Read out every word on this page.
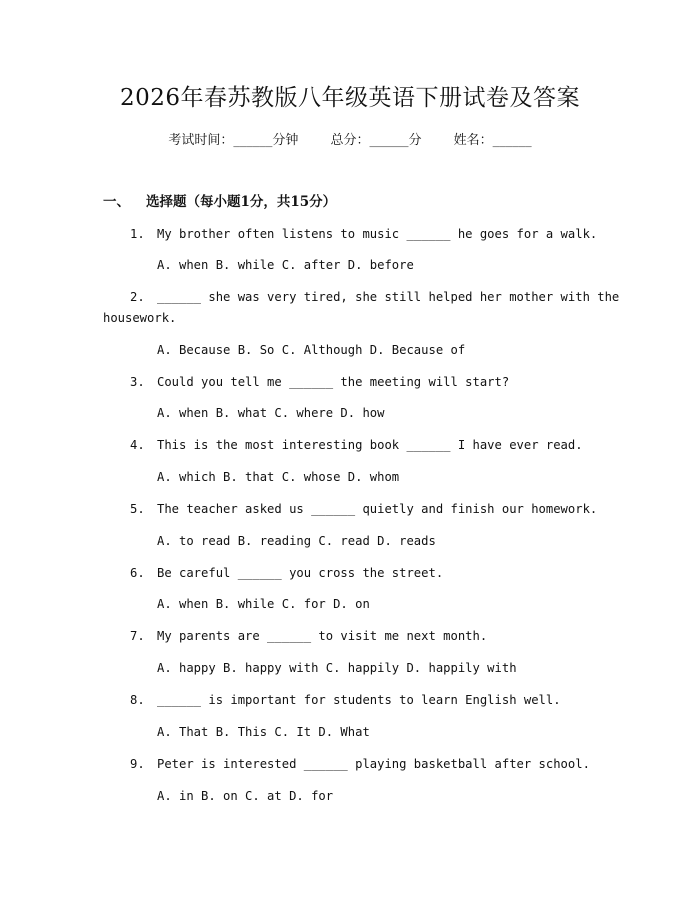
2026年春苏教版八年级英语下册试卷及答案
考试时间：______分钟 总分：______分 姓名：______
一、 选择题（每小题1分，共15分）
1. My brother often listens to music ______ he goes for a walk.
A. when B. while C. after D. before
2. ______ she was very tired, she still helped her mother with the
housework.
A. Because B. So C. Although D. Because of
3. Could you tell me ______ the meeting will start?
A. when B. what C. where D. how
4. This is the most interesting book ______ I have ever read.
A. which B. that C. whose D. whom
5. The teacher asked us ______ quietly and finish our homework.
A. to read B. reading C. read D. reads
6. Be careful ______ you cross the street.
A. when B. while C. for D. on
7. My parents are ______ to visit me next month.
A. happy B. happy with C. happily D. happily with
8. ______ is important for students to learn English well.
A. That B. This C. It D. What
9. Peter is interested ______ playing basketball after school.
A. in B. on C. at D. for
